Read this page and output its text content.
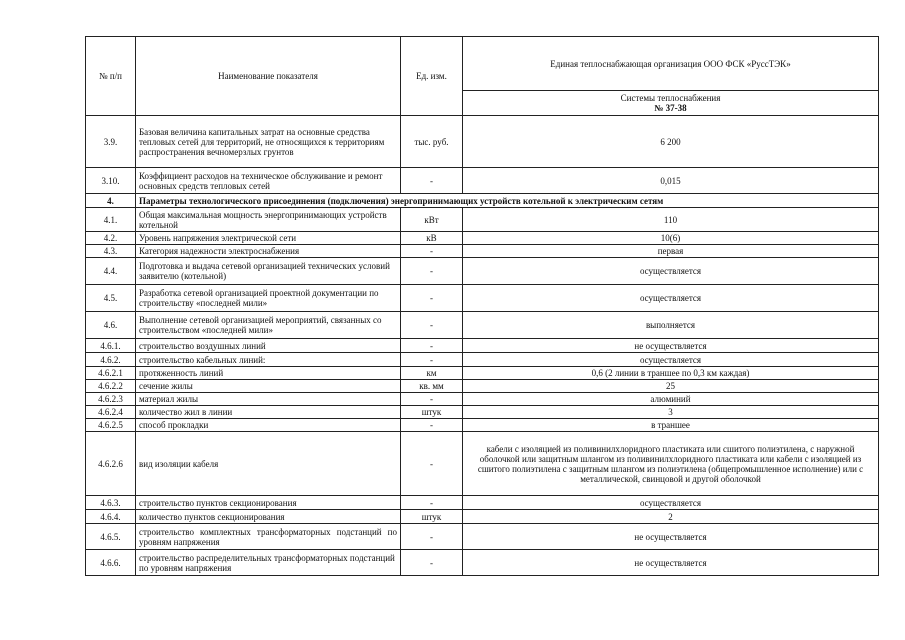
№ п/п	Наименование показателя	Ед. изм.	Единая теплоснабжающая организация ООО ФСК «РуссТЭК»

			Системы теплоснабжения
№ 37-38

3.9.	Базовая величина капитальных затрат на основные средства тепловых сетей для территорий, не относящихся к территориям распространения вечномерзлых грунтов	тыс. руб.	6 200
3.10.	Коэффициент расходов на техническое обслуживание и ремонт основных средств тепловых сетей	-	0,015
4.	Параметры технологического присоединения (подключения) энергопринимающих устройств котельной к электрическим сетям		
4.1.	Общая максимальная мощность энергопринимающих устройств котельной	кВт	110
4.2.	Уровень напряжения электрической сети	кВ	10(6)
4.3.	Категория надежности электроснабжения	-	первая
4.4.	Подготовка и выдача сетевой организацией технических условий заявителю (котельной)	-	осуществляется
4.5.	Разработка сетевой организацией проектной документации по строительству «последней мили»	-	осуществляется
4.6.	Выполнение сетевой организацией мероприятий, связанных со строительством «последней мили»	-	выполняется
4.6.1.	строительство воздушных линий	-	не осуществляется
4.6.2.	строительство кабельных линий:	-	осуществляется
4.6.2.1	протяженность линий	км	0,6 (2 линии в траншее по 0,3 км каждая)
4.6.2.2	сечение жилы	кв. мм	25
4.6.2.3	материал жилы	-	алюминий
4.6.2.4	количество жил в линии	штук	3
4.6.2.5	способ прокладки	-	в траншее
4.6.2.6	вид изоляции кабеля	-	кабели с изоляцией из поливинилхлоридного пластиката или сшитого полиэтилена, с наружной оболочкой или защитным шлангом из поливинилхлоридного пластиката или кабели с изоляцией из сшитого полиэтилена с защитным шлангом из полиэтилена (общепромышленное исполнение) или с металлической, свинцовой и другой оболочкой
4.6.3.	строительство пунктов секционирования	-	осуществляется
4.6.4.	количество пунктов секционирования	штук	2
4.6.5.	строительство комплектных трансформаторных подстанций по уровням напряжения	-	не осуществляется
4.6.6.	строительство распределительных трансформаторных подстанций по уровням напряжения	-	не осуществляется
